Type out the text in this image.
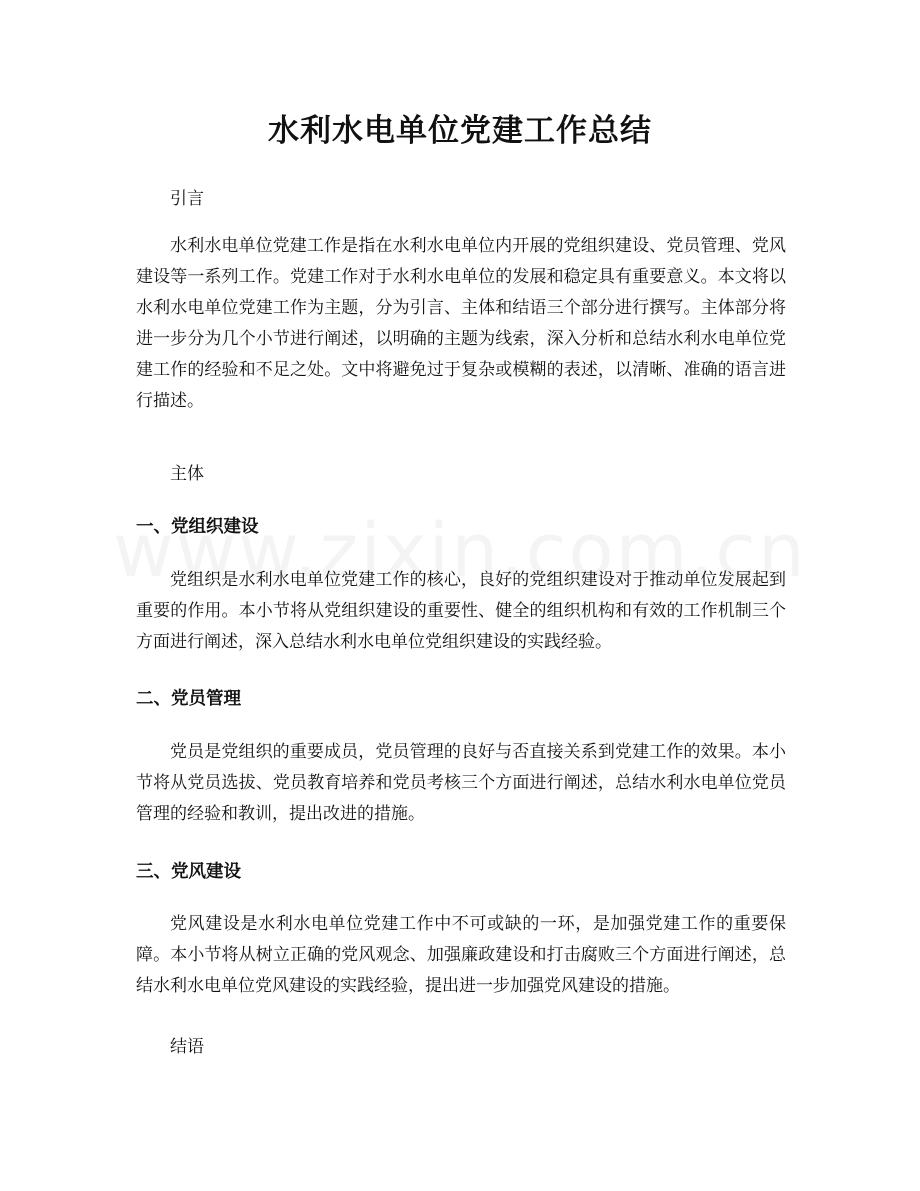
水利水电单位党建工作总结

引言

水利水电单位党建工作是指在水利水电单位内开展的党组织建设、党员管理、党风建设等一系列工作。党建工作对于水利水电单位的发展和稳定具有重要意义。本文将以水利水电单位党建工作为主题，分为引言、主体和结语三个部分进行撰写。主体部分将进一步分为几个小节进行阐述，以明确的主题为线索，深入分析和总结水利水电单位党建工作的经验和不足之处。文中将避免过于复杂或模糊的表述，以清晰、准确的语言进行描述。

主体

一、党组织建设

党组织是水利水电单位党建工作的核心，良好的党组织建设对于推动单位发展起到重要的作用。本小节将从党组织建设的重要性、健全的组织机构和有效的工作机制三个方面进行阐述，深入总结水利水电单位党组织建设的实践经验。

二、党员管理

党员是党组织的重要成员，党员管理的良好与否直接关系到党建工作的效果。本小节将从党员选拔、党员教育培养和党员考核三个方面进行阐述，总结水利水电单位党员管理的经验和教训，提出改进的措施。

三、党风建设

党风建设是水利水电单位党建工作中不可或缺的一环，是加强党建工作的重要保障。本小节将从树立正确的党风观念、加强廉政建设和打击腐败三个方面进行阐述，总结水利水电单位党风建设的实践经验，提出进一步加强党风建设的措施。

结语
